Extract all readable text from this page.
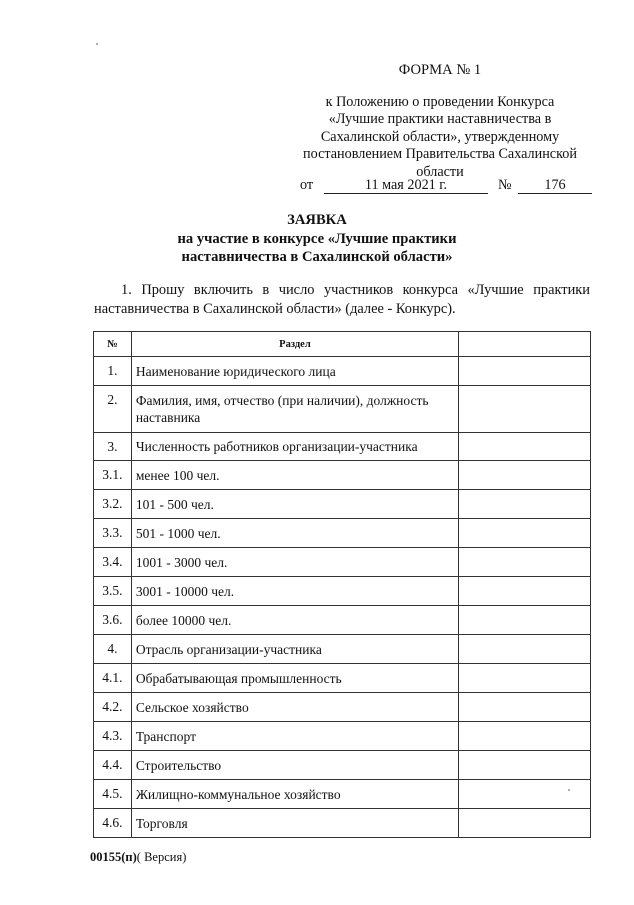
ФОРМА № 1
к Положению о проведении Конкурса
«Лучшие практики наставничества в
Сахалинской области», утвержденному
постановлением Правительства Сахалинской
области
от	11 мая 2021 г.	№	176
ЗАЯВКА
на участие в конкурсе «Лучшие практики
наставничества в Сахалинской области»
1. Прошу включить в число участников конкурса «Лучшие практики наставничества в Сахалинской области» (далее - Конкурс).
№	Раздел	
1.	Наименование юридического лица	
2.	Фамилия, имя, отчество (при наличии), должность наставника	
3.	Численность работников организации-участника	
3.1.	менее 100 чел.	
3.2.	101 - 500 чел.	
3.3.	501 - 1000 чел.	
3.4.	1001 - 3000 чел.	
3.5.	3001 - 10000 чел.	
3.6.	более 10000 чел.	
4.	Отрасль организации-участника	
4.1.	Обрабатывающая промышленность	
4.2.	Сельское хозяйство	
4.3.	Транспорт	
4.4.	Строительство	
4.5.	Жилищно-коммунальное хозяйство	
4.6.	Торговля	
00155(п)( Версия)
